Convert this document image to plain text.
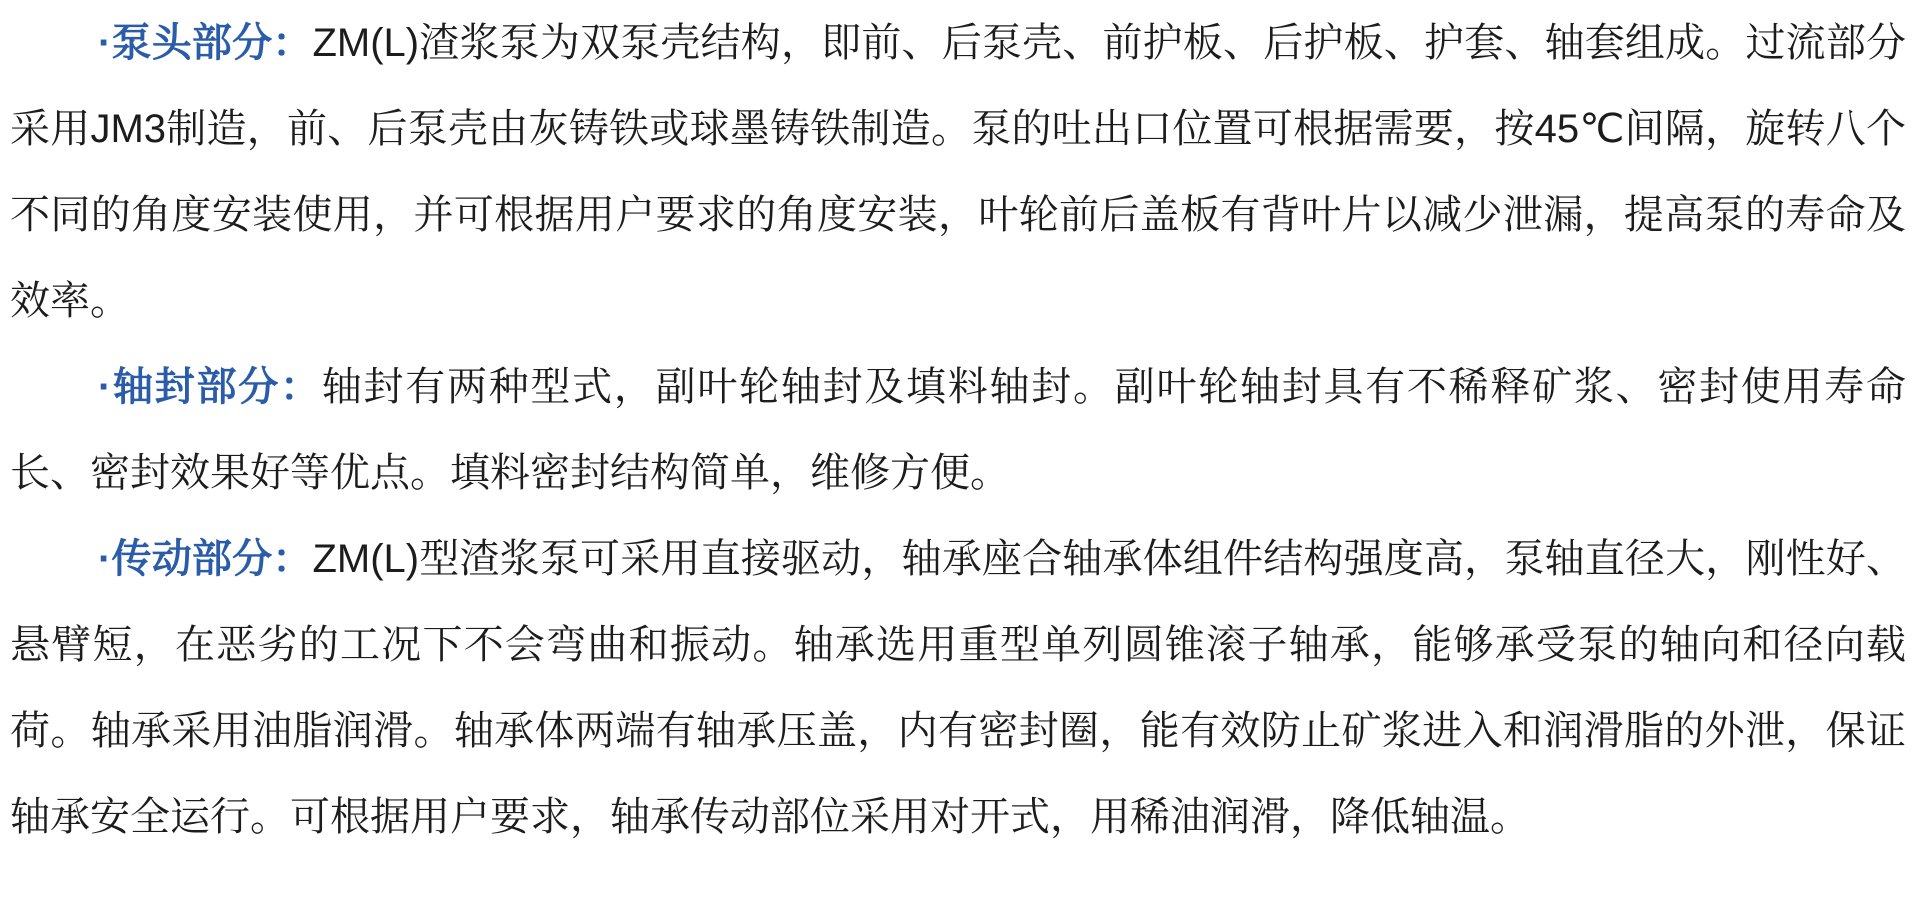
·泵头部分：ZM(L)渣浆泵为双泵壳结构，即前、后泵壳、前护板、后护板、护套、轴套组成。过流部分采用JM3制造，前、后泵壳由灰铸铁或球墨铸铁制造。泵的吐出口位置可根据需要，按45℃间隔，旋转八个不同的角度安装使用，并可根据用户要求的角度安装，叶轮前后盖板有背叶片以减少泄漏，提高泵的寿命及效率。

·轴封部分：轴封有两种型式，副叶轮轴封及填料轴封。副叶轮轴封具有不稀释矿浆、密封使用寿命长、密封效果好等优点。填料密封结构简单，维修方便。

·传动部分：ZM(L)型渣浆泵可采用直接驱动，轴承座合轴承体组件结构强度高，泵轴直径大，刚性好、悬臂短，在恶劣的工况下不会弯曲和振动。轴承选用重型单列圆锥滚子轴承，能够承受泵的轴向和径向载荷。轴承采用油脂润滑。轴承体两端有轴承压盖，内有密封圈，能有效防止矿浆进入和润滑脂的外泄，保证轴承安全运行。可根据用户要求，轴承传动部位采用对开式，用稀油润滑，降低轴温。
